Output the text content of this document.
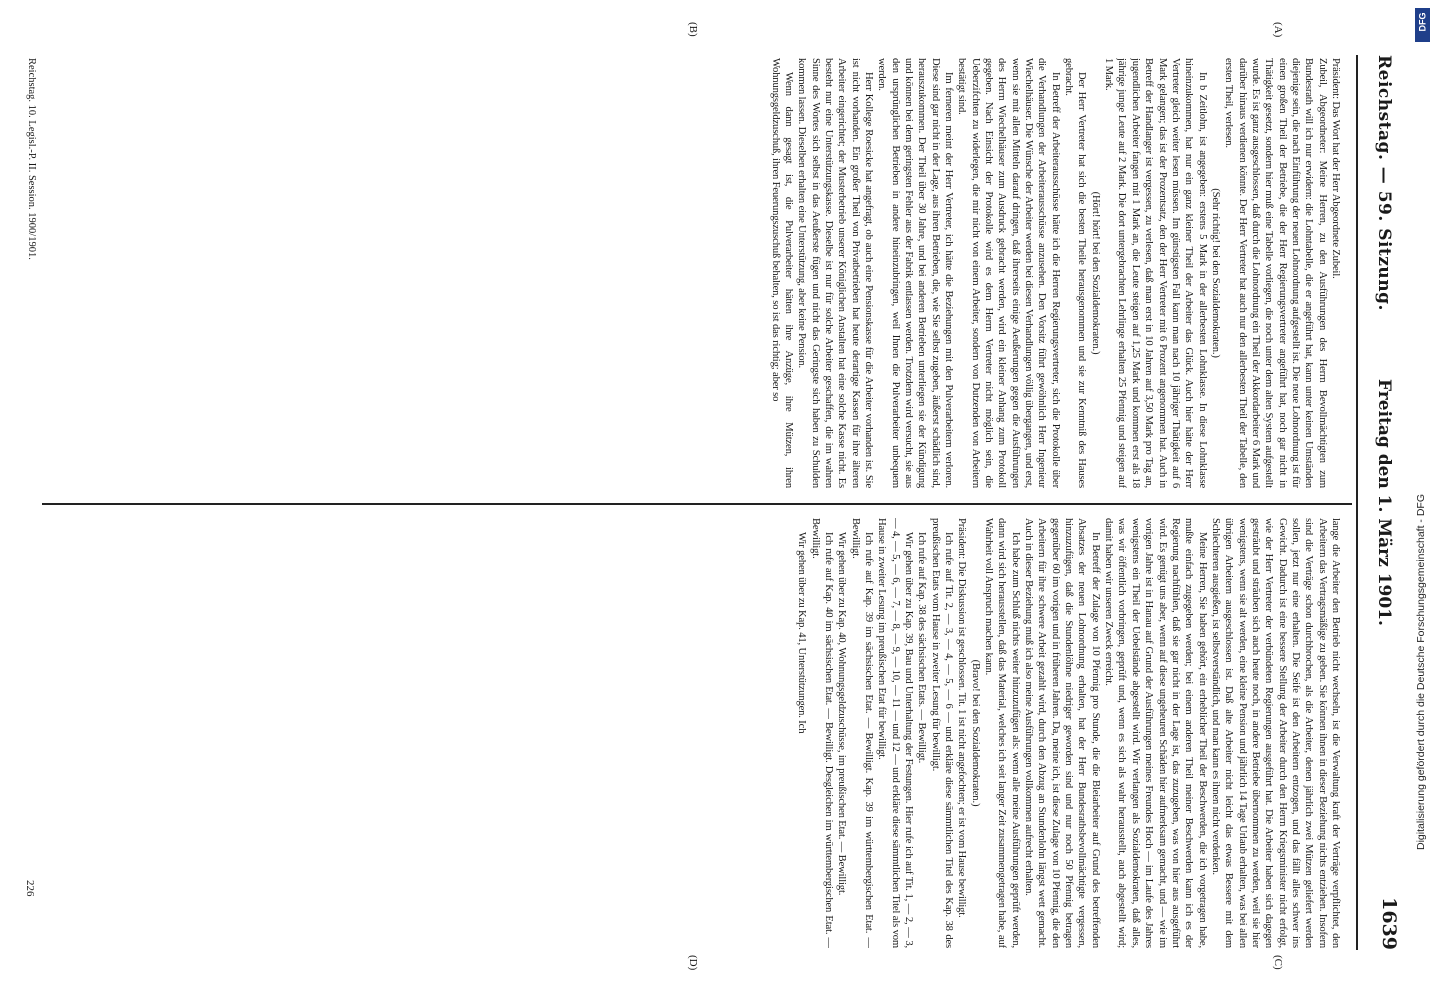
Reichstag. — 59. Sitzung.
Freitag den 1. März 1901.
1639
(A)
(B)
(C)
(D)

Präsident: Das Wort hat der Herr Abgeordnete Zubeil.

Zubeil, Abgeordneter: Meine Herren, zu den Ausführungen des Herrn Bevollmächtigten zum Bundesrath will ich nur erwidern: die Lohntabelle, die er angeführt hat, kann unter keinen Umständen diejenige sein, die nach Einführung der neuen Lohnordnung aufgestellt ist. Die neue Lohnordnung ist für einen großen Theil der Betriebe, die der Herr Regierungsvertreter angeführt hat, noch gar nicht in Thätigkeit gesetzt, sondern hier muß eine Tabelle vorliegen, die noch unter dem alten System aufgestellt wurde. Es ist ganz ausgeschlossen, daß durch die Lohnordnung ein Theil der Akkordarbeiter 6 Mark und darüber hinaus verdienen könnte. Der Herr Vertreter hat auch nur den allerbesten Theil der Tabelle, den ersten Theil, verlesen.

(Sehr richtig! bei den Sozialdemokraten.)

In b Zeitlohn, ist angegeben: erstens 5 Mark in der allerbesten Lohnklasse. In diese Lohnklasse hineinzukommen, hat nur ein ganz kleiner Theil der Arbeiter das Glück. Auch hier hätte der Herr Vertreter gleich weiter lesen müssen. Im günstigsten Fall kann man nach 10 jähriger Thätigkeit auf 6 Mark gelangen; das ist der Prozentsatz, den der Herr Vertreter mit 6 Prozent angenommen hat. Auch in Betreff der Handlanger ist vergessen, zu verlesen, daß man erst in 10 Jahren auf 3,50 Mark pro Tag an, jugendlichen Arbeiter fangen mit 1 Mark an, die Leute steigen auf 1,25 Mark und kommen erst als 18 jährige junge Leute auf 2 Mark. Die dort untergebrachten Lehrlinge erhalten 25 Pfennig und steigen auf 1 Mark.

(Hört! hört! bei den Sozialdemokraten.)

Der Herr Vertreter hat sich die besten Theile herausgenommen und sie zur Kenntniß des Hauses gebracht.

In Betreff der Arbeiterausschüsse hätte ich die Herren Regierungsvertreter, sich die Protokolle über die Verhandlungen der Arbeiterausschüsse anzusehen. Den Vorsitz führt gewöhnlich Herr Ingenieur Wiechelhäuser. Die Wünsche der Arbeiter werden bei diesen Verhandlungen völlig übergangen, und erst, wenn sie mit allen Mitteln darauf dringen, daß ihrerseits einige Aeußerungen gegen die Ausführungen des Herrn Wiechelhäuser zum Ausdruck gebracht werden, wird ein kleiner Anhang zum Protokoll gegeben. Nach Einsicht der Protokolle wird es dem Herrn Vertreter nicht möglich sein, die Ueberzifchten zu widerlegen, die mir nicht von einem Arbeiter, sondern von Dutzenden von Arbeitern bestätigt sind.

Im ferneren meint der Herr Vertreter, ich hätte die Beziehungen mit den Pulverarbeitern verloren. Diese sind gar nicht in der Lage, aus ihren Betrieben, die, wie Sie selbst zugeben, äußerst schädlich sind, herauszukommen. Der Theil über 30 Jahre, und bei anderen Betrieben unterliegen sie der Kündigung und können bei dem geringsten Fehler aus der Fabrik entlassen werden. Trotzdem wird versucht, sie aus den ursprünglichen Betrieben in andere hineinzubringen, weil Ihnen die Pulverarbeiter unbequem werden.

Herr Kollege Roesicke hat angefragt, ob auch eine Pensionskasse für die Arbeiter vorhanden ist. Sie ist nicht vorhanden. Ein großer Theil von Privatbetrieben hat heute derartige Kassen für ihre älteren Arbeiter eingerichtet; der Musterbetrieb unserer Königlichen Anstalten hat eine solche Kasse nicht. Es besteht nur eine Unterstützungskasse. Dieselbe ist nur für solche Arbeiter geschaffen, die im wahren Sinne des Wortes sich selbst in das Aeußerste fügen und nicht das Geringste sich haben zu Schulden kommen lassen. Dieselben erhalten eine Unterstützung, aber keine Pension.

Wenn dann gesagt ist, die Pulverarbeiter hätten ihre Anzüge, ihre Mützen, ihren Wohnungsgeldzuschuß, ihren Feuerungszuschuß behalten, so ist das richtig; aber so

lange die Arbeiter den Betrieb nicht wechseln, ist die Verwaltung kraft der Verträge verpflichtet, den Arbeitern das Vertragsmäßige zu geben. Sie können ihnen in dieser Beziehung nichts entziehen. Insofern sind die Verträge schon durchbrochen, als die Arbeiter, denen jährlich zwei Mützen geliefert werden sollen, jetzt nur eine erhalten. Die Seife ist den Arbeitern entzogen, und das fällt alles schwer ins Gewicht. Dadurch ist eine bessere Stellung der Arbeiter durch den Herrn Kriegsminister nicht erfolgt, wie der Herr Vertreter der verbündeten Regierungen ausgeführt hat. Die Arbeiter haben sich dagegen gesträubt und sträuben sich auch heute noch, in andere Betriebe übernommen zu werden, weil sie hier wenigstens, wenn sie alt werden, eine kleine Pension und jährlich 14 Tage Urlaub erhalten, was bei allen übrigen Arbeitern ausgeschlossen ist. Daß alte Arbeiter nicht leicht das etwas Bessere mit dem Schlechteren ausgießen, ist selbstverständlich, und man kann es ihnen nicht verdenken.

Meine Herren, Sie haben gehört, ein erheblicher Theil der Beschwerden, die ich vorgetragen habe, mußte einfach zugegeben werden; bei einem anderen Theil meiner Beschwerden kann ich es der Regierung nachfühlen, daß sie gar nicht in der Lage ist, das zuzugeben, was von hier aus ausgeführt wird. Es genügt uns aber, wenn auf diese ungeheuren Schäden hier aufmerksam gemacht, und — wie im vorigen Jahre ist in Hanau auf Grund der Ausführungen meines Freundes Hoch — im Laufe des Jahres wenigstens ein Theil der Uebelstände abgestellt wird. Wir verlangen als Sozialdemokraten, daß alles, was wir öffentlich vorbringen, geprüft und, wenn es sich als wahr herausstellt, auch abgestellt wird; damit haben wir unseren Zweck erreicht.

In Betreff der Zulage von 10 Pfennig pro Stunde, die die Bleiarbeiter auf Grund des betreffenden Absatzes der neuen Lohnordnung erhalten, hat der Herr Bundesrathsbevollmächtigte vergessen, hinzuzufügen, daß die Stundenlöhne niedriger geworden sind und nur noch 50 Pfennig betragen gegenüber 60 im vorigen und in früheren Jahren. Da, meine ich, ist diese Zulage von 10 Pfennig, die den Arbeitern für ihre schwere Arbeit gezahlt wird, durch den Abzug an Stundenlohn längst wett gemacht. Auch in dieser Beziehung muß ich also meine Ausführungen vollkommen aufrecht erhalten.

Ich habe zum Schluß nichts weiter hinzuzufügen als: wenn alle meine Ausführungen geprüft werden, dann wird sich herausstellen, daß das Material, welches ich seit langer Zeit zusammengetragen habe, auf Wahrheit voll Anspruch machen kann.

(Bravo! bei den Sozialdemokraten.)

Präsident: Die Diskussion ist geschlossen. Tit. 1 ist nicht angefochten; er ist vom Hause bewilligt.

Ich rufe auf Tit. 2, — 3, — 4, — 5, — 6 — und erkläre diese sämmtlichen Titel des Kap. 38 des preußischen Etats vom Hause in zweiter Lesung für bewilligt.

Ich rufe auf Kap. 38 des sächsischen Etats. — Bewilligt.

Wir gehen über zu Kap. 39, Bau und Unterhaltung der Festungen. Hier rufe ich auf Tit. 1, — 2, — 3, — 4, — 5, — 6, — 7, — 8, — 9, — 10, — 11 — und 12 — und erkläre diese sämmtlichen Titel als vom Hause in zweiter Lesung im preußischen Etat für bewilligt.

Ich rufe auf Kap. 39 im sächsischen Etat. — Bewilligt. Kap. 39 im württembergischen Etat. — Bewilligt.

Wir gehen über zu Kap. 40, Wohnungsgeldzuschüsse, im preußischen Etat. — Bewilligt.

Ich rufe auf Kap. 40 im sächsischen Etat. — Bewilligt. Desgleichen im württembergischen Etat. — Bewilligt.

Wir gehen über zu Kap. 41, Unterstützungen. Ich

Reichstag. 10. Legisl.-P. II. Session. 1900/1901.
226
DFG
Digitalisierung gefördert durch die Deutsche Forschungsgemeinschaft - DFG
